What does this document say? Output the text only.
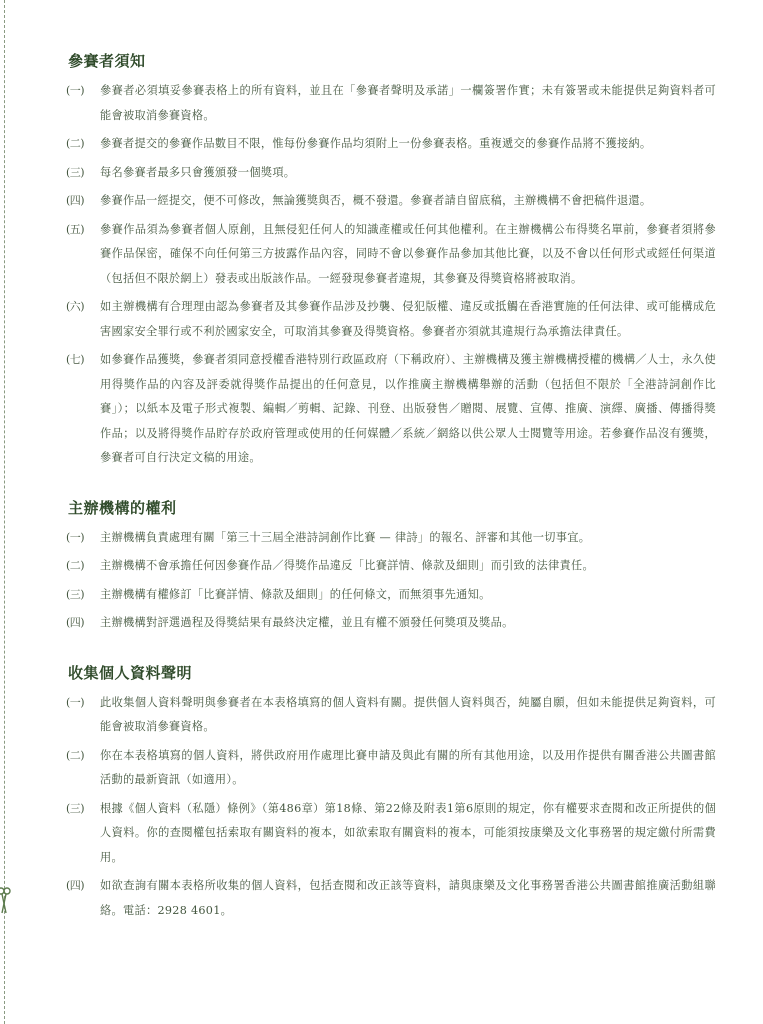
參賽者須知
(一)	參賽者必須填妥參賽表格上的所有資料，並且在「參賽者聲明及承諾」一欄簽署作實；未有簽署或未能提供足夠資料者可能會被取消參賽資格。
(二)	參賽者提交的參賽作品數目不限，惟每份參賽作品均須附上一份參賽表格。重複遞交的參賽作品將不獲接納。
(三)	每名參賽者最多只會獲頒發一個獎項。
(四)	參賽作品一經提交，便不可修改，無論獲獎與否，概不發還。參賽者請自留底稿，主辦機構不會把稿件退還。
(五)	參賽作品須為參賽者個人原創，且無侵犯任何人的知識產權或任何其他權利。在主辦機構公布得獎名單前，參賽者須將參賽作品保密，確保不向任何第三方披露作品內容，同時不會以參賽作品參加其他比賽，以及不會以任何形式或經任何渠道（包括但不限於網上）發表或出版該作品。一經發現參賽者違規，其參賽及得獎資格將被取消。
(六)	如主辦機構有合理理由認為參賽者及其參賽作品涉及抄襲、侵犯版權、違反或抵觸在香港實施的任何法律、或可能構成危害國家安全罪行或不利於國家安全，可取消其參賽及得獎資格。參賽者亦須就其違規行為承擔法律責任。
(七)	如參賽作品獲獎，參賽者須同意授權香港特別行政區政府（下稱政府）、主辦機構及獲主辦機構授權的機構／人士，永久使用得獎作品的內容及評委就得獎作品提出的任何意見，以作推廣主辦機構舉辦的活動（包括但不限於「全港詩詞創作比賽」）；以紙本及電子形式複製、編輯／剪輯、記錄、刊登、出版發售／贈閱、展覽、宣傳、推廣、演繹、廣播、傳播得獎作品；以及將得獎作品貯存於政府管理或使用的任何媒體／系統／網絡以供公眾人士閱覽等用途。若參賽作品沒有獲獎，參賽者可自行決定文稿的用途。
主辦機構的權利
(一)	主辦機構負責處理有關「第三十三屆全港詩詞創作比賽 — 律詩」的報名、評審和其他一切事宜。
(二)	主辦機構不會承擔任何因參賽作品／得獎作品違反「比賽詳情、條款及細則」而引致的法律責任。
(三)	主辦機構有權修訂「比賽詳情、條款及細則」的任何條文，而無須事先通知。
(四)	主辦機構對評選過程及得獎結果有最終決定權，並且有權不頒發任何獎項及獎品。
收集個人資料聲明
(一)	此收集個人資料聲明與參賽者在本表格填寫的個人資料有關。提供個人資料與否，純屬自願，但如未能提供足夠資料，可能會被取消參賽資格。
(二)	你在本表格填寫的個人資料，將供政府用作處理比賽申請及與此有關的所有其他用途，以及用作提供有關香港公共圖書館活動的最新資訊（如適用）。
(三)	根據《個人資料（私隱）條例》（第486章）第18條、第22條及附表1第6原則的規定，你有權要求查閱和改正所提供的個人資料。你的查閱權包括索取有關資料的複本，如欲索取有關資料的複本，可能須按康樂及文化事務署的規定繳付所需費用。
(四)	如欲查詢有關本表格所收集的個人資料，包括查閱和改正該等資料，請與康樂及文化事務署香港公共圖書館推廣活動組聯絡。電話：2928 4601。
